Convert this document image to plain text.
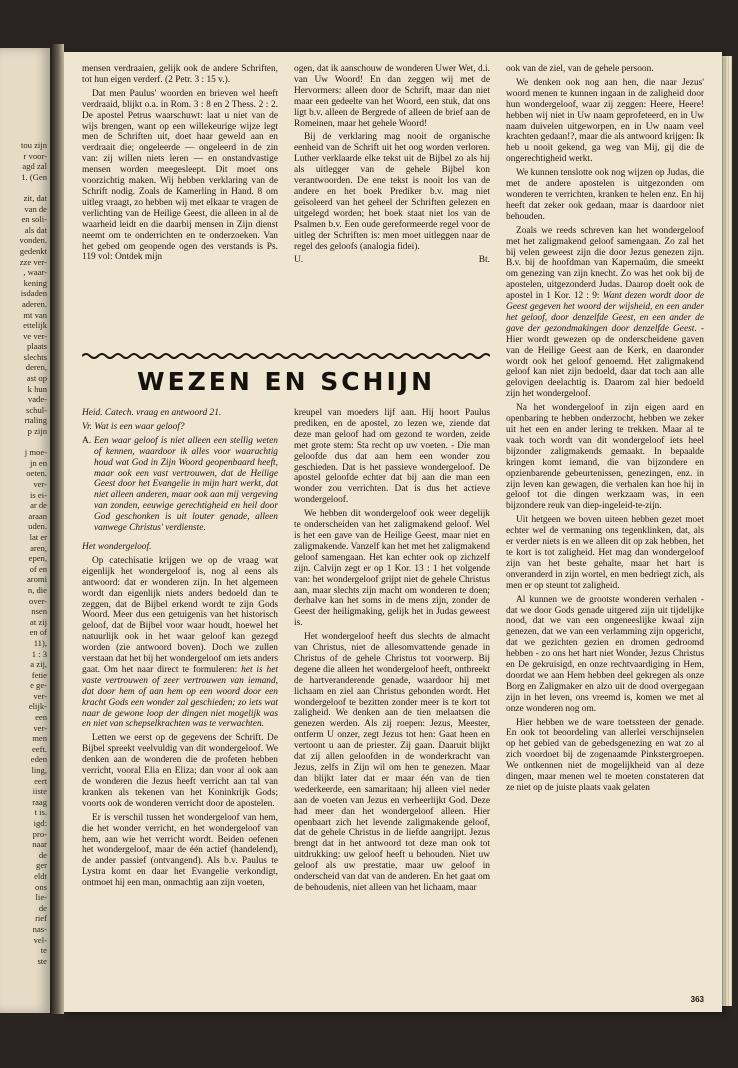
tou zijn
r voor-
agd zal
1. (Gen
zit, dat
van de
en soli-
als dat
vonden.
gedenkt
zze ver-
, waar-
kening
isdaden
aderen.
mt van
ettelijk
ve ver-
plaats
slechts
deren,
ast op
k hun
vade-
schul-
rtaling
p zijn
j moe-
jn en
oeten.
ver-
is ei-
ar de
araan
uden.
lat er
aren,
epen,
of en
aromi
n, die
over-
nsen
at zij
en of
11),
1 : 3
a zij,
fetie
e ge-
ver-
elijk-
een
ver-
men
eeft.
eden
ling,
eert
iiste
raag
t is.
igd:
pro-
naar
de
ger
eldt
ons
lie-
de
rief
nas-
vel-
te
ste

mensen verdraaien, gelijk ook de andere Schriften, tot hun eigen verderf. (2 Petr. 3 : 15 v.).

Dat men Paulus' woorden en brieven wel heeft verdraaid, blijkt o.a. in Rom. 3 : 8 en 2 Thess. 2 : 2. De apostel Petrus waarschuwt: laat u niet van de wijs brengen, want op een willekeurige wijze legt men de Schriften uit, doet haar geweld aan en verdraait die; ongeleerde — ongeleerd in de zin van: zij willen niets leren — en onstandvastige mensen worden meegesleept. Dit moet ons voorzichtig maken. Wij hebben verklaring van de Schrift nodig. Zoals de Kamerling in Hand. 8 om uitleg vraagt, zo hebben wij met elkaar te vragen de verlichting van de Heilige Geest, die alleen in al de waarheid leidt en die daarbij mensen in Zijn dienst neemt om te onderrichten en te onderzoeken. Van het gebed om geopende ogen des verstands is Ps. 119 vol: Ontdek mijn

ogen, dat ik aanschouw de wonderen Uwer Wet, d.i. van Uw Woord! En dan zeggen wij met de Hervormers: alleen door de Schrift, maar dan niet maar een gedeelte van het Woord, een stuk, dat ons ligt b.v. alleen de Bergrede of alleen de brief aan de Romeinen, maar het gehele Woord!

Bij de verklaring mag nooit de organische eenheid van de Schrift uit het oog worden verloren. Luther verklaarde elke tekst uit de Bijbel zo als hij als uitlegger van de gehele Bijbel kon verantwoorden. De ene tekst is nooit los van de andere en het boek Prediker b.v. mag niet geïsoleerd van het geheel der Schriften gelezen en uitgelegd worden; het boek staat niet los van de Psalmen b.v. Een oude gereformeerde regel voor de uitleg der Schriften is: men moet uitleggen naar de regel des geloofs (analogia fidei).

U.	Bt.

ook van de ziel, van de gehele persoon.

We denken ook nog aan hen, die naar Jezus' woord menen te kunnen ingaan in de zaligheid door hun wondergeloof, waar zij zeggen: Heere, Heere! hebben wij niet in Uw naam geprofeteerd, en in Uw naam duivelen uitgeworpen, en in Uw naam veel krachten gedaan!?, maar die als antwoord krijgen: Ik heb u nooit gekend, ga weg van Mij, gij die de ongerechtigheid werkt.

We kunnen tenslotte ook nog wijzen op Judas, die met de andere apostelen is uitgezonden om wonderen te verrichten, kranken te helen enz. En hij heeft dat zeker ook gedaan, maar is daardoor niet behouden.

Zoals we reeds schreven kan het wondergeloof met het zaligmakend geloof samengaan. Zo zal het bij velen geweest zijn die door Jezus genezen zijn. B.v. bij de hoofdman van Kapernaüm, die smeekt om genezing van zijn knecht. Zo was het ook bij de apostelen, uitgezonderd Judas. Daarop doelt ook de apostel in 1 Kor. 12 : 9: Want dezen wordt door de Geest gegeven het woord der wijsheid, en een ander het geloof, door denzelfde Geest, en een ander de gave der gezondmakingen door denzelfde Geest. - Hier wordt gewezen op de onderscheidene gaven van de Heilige Geest aan de Kerk, en daaronder wordt ook het geloof genoemd. Het zaligmakend geloof kan niet zijn bedoeld, daar dat toch aan alle gelovigen deelachtig is. Daarom zal hier bedoeld zijn het wondergeloof.

Na het wondergeloof in zijn eigen aard en openbaring te hebben onderzocht, hebben we zeker uit het een en ander lering te trekken. Maar al te vaak toch wordt van dit wondergeloof iets heel bijzonder zaligmakends gemaakt. In bepaalde kringen komt iemand, die van bijzondere en opzienbarende gebeurtenissen, genezingen, enz. in zijn leven kan gewagen, die verhalen kan hoe hij in geloof tot die dingen werkzaam was, in een bijzondere reuk van diep-ingeleid-te-zijn.

Uit hetgeen we boven uiteen hebben gezet moet echter wel de vermaning ons tegenklinken, dat, als er verder niets is en we alleen dit op zak hebben, het te kort is tot zaligheid. Het mag dan wondergeloof zijn van het beste gehalte, maar het hart is onveranderd in zijn wortel, en men bedriegt zich, als men er op steunt tot zaligheid.

Al kunnen we de grootste wonderen verhalen - dat we door Gods genade uitgered zijn uit tijdelijke nood, dat we van een ongeneeslijke kwaal zijn genezen, dat we van een verlamming zijn opgericht, dat we gezichten gezien en dromen gedroomd hebben - zo ons het hart niet Wonder, Jezus Christus en De gekruisigd, en onze rechtvaardiging in Hem, doordat we aan Hem hebben deel gekregen als onze Borg en Zaligmaker en alzo uit de dood overgegaan zijn in het leven, ons vreemd is, komen we met al onze wonderen nog om.

Hier hebben we de ware toetssteen der genade. En ook tot beoordeling van allerlei verschijnselen op het gebied van de gebedsgenezing en wat zo al zich voordoet bij de zogenaamde Pinkstergroepen. We ontkennen niet de mogelijkheid van al deze dingen, maar menen wel te moeten constateren dat ze niet op de juiste plaats vaak gelaten

WEZEN EN SCHIJN

Heid. Catech. vraag en antwoord 21.

Vr. Wat is een waar geloof?

A. Een waar geloof is niet alleen een stellig weten of kennen, waardoor ik alles voor waarachtig houd wat God in Zijn Woord geopenbaard heeft, maar ook een vast vertrouwen, dat de Heilige Geest door het Evangelie in mijn hart werkt, dat niet alleen anderen, maar ook aan mij vergeving van zonden, eeuwige gerechtigheid en heil door God geschonken is uit louter genade, alleen vanwege Christus' verdienste.

Het wondergeloof.

Op catechisatie krijgen we op de vraag wat eigenlijk het wondergeloof is, nog al eens als antwoord: dat er wonderen zijn. In het algemeen wordt dan eigenlijk niets anders bedoeld dan te zeggen, dat de Bijbel erkend wordt te zijn Gods Woord. Meer dus een getuigenis van het historisch geloof, dat de Bijbel voor waar houdt, hoewel het natuurlijk ook in het waar geloof kan gezegd worden (zie antwoord boven). Doch we zullen verstaan dat het bij het wondergeloof om iets anders gaat. Om het naar direct te formuleren: het is het vaste vertrouwen of zeer vertrouwen van iemand, dat door hem of aan hem op een woord door een kracht Gods een wonder zal geschieden; zo iets wat naar de gewone loop der dingen niet mogelijk was en niet van schepselkrachten was te verwachten.

Letten we eerst op de gegevens der Schrift. De Bijbel spreekt veelvuldig van dit wondergeloof. We denken aan de wonderen die de profeten hebben verricht, vooral Elia en Eliza; dan voor al ook aan de wonderen die Jezus heeft verricht aan tal van kranken als tekenen van het Koninkrijk Gods; voorts ook de wonderen verricht door de apostelen.

Er is verschil tussen het wondergeloof van hem, die het wonder verricht, en het wondergeloof van hem, aan wie het verricht wordt. Beiden oefenen het wondergeloof, maar de één actief (handelend), de ander passief (ontvangend). Als b.v. Paulus te Lystra komt en daar het Evangelie verkondigt, ontmoet hij een man, onmachtig aan zijn voeten,

kreupel van moeders lijf aan. Hij hoort Paulus prediken, en de apostel, zo lezen we, ziende dat deze man geloof had om gezond te worden, zeide met grote stem: Sta recht op uw voeten. - Die man geloofde dus dat aan hem een wonder zou geschieden. Dat is het passieve wondergeloof. De apostel geloofde echter dat bij aan die man een wonder zou verrichten. Dat is dus het actieve wondergeloof.

We hebben dit wondergeloof ook weer degelijk te onderscheiden van het zaligmakend geloof. Wel is het een gave van de Heilige Geest, maar niet en zaligmakende. Vanzelf kan het met het zaligmakend geloof samengaan. Het kan echter ook op zichzelf zijn. Calvijn zegt er op 1 Kor. 13 : 1 het volgende van: het wondergeloof grijpt niet de gehele Christus aan, maar slechts zijn macht om wonderen te doen; derhalve kan het soms in de mens zijn, zonder de Geest der heiligmaking, gelijk het in Judas geweest is.

Het wondergeloof heeft dus slechts de almacht van Christus, niet de allesomvattende genade in Christus of de gehele Christus tot voorwerp. Bij degene die alleen het wondergeloof heeft, ontbreekt de hartveranderende genade, waardoor hij met lichaam en ziel aan Christus gebonden wordt. Het wondergeloof te bezitten zonder meer is te kort tot zaligheid. We denken aan de tien melaatsen die genezen werden. Als zij roepen: Jezus, Meester, ontferm U onzer, zegt Jezus tot hen: Gaat heen en vertoont u aan de priester. Zij gaan. Daaruit blijkt dat zij allen geloofden in de wonderkracht van Jezus, zelfs in Zijn wil om hen te genezen. Maar dan blijkt later dat er maar één van de tien wederkeerde, een samaritaan; hij alleen viel neder aan de voeten van Jezus en verheerlijkt God. Deze had meer dan het wondergeloof alleen. Hier openbaart zich het levende zaligmakende geloof, dat de gehele Christus in de liefde aangrijpt. Jezus brengt dat in het antwoord tot deze man ook tot uitdrukking: uw geloof heeft u behouden. Niet uw geloof als uw prestatie, maar uw geloof in onderscheid van dat van de anderen. En het gaat om de behoudenis, niet alleen van het lichaam, maar

363
